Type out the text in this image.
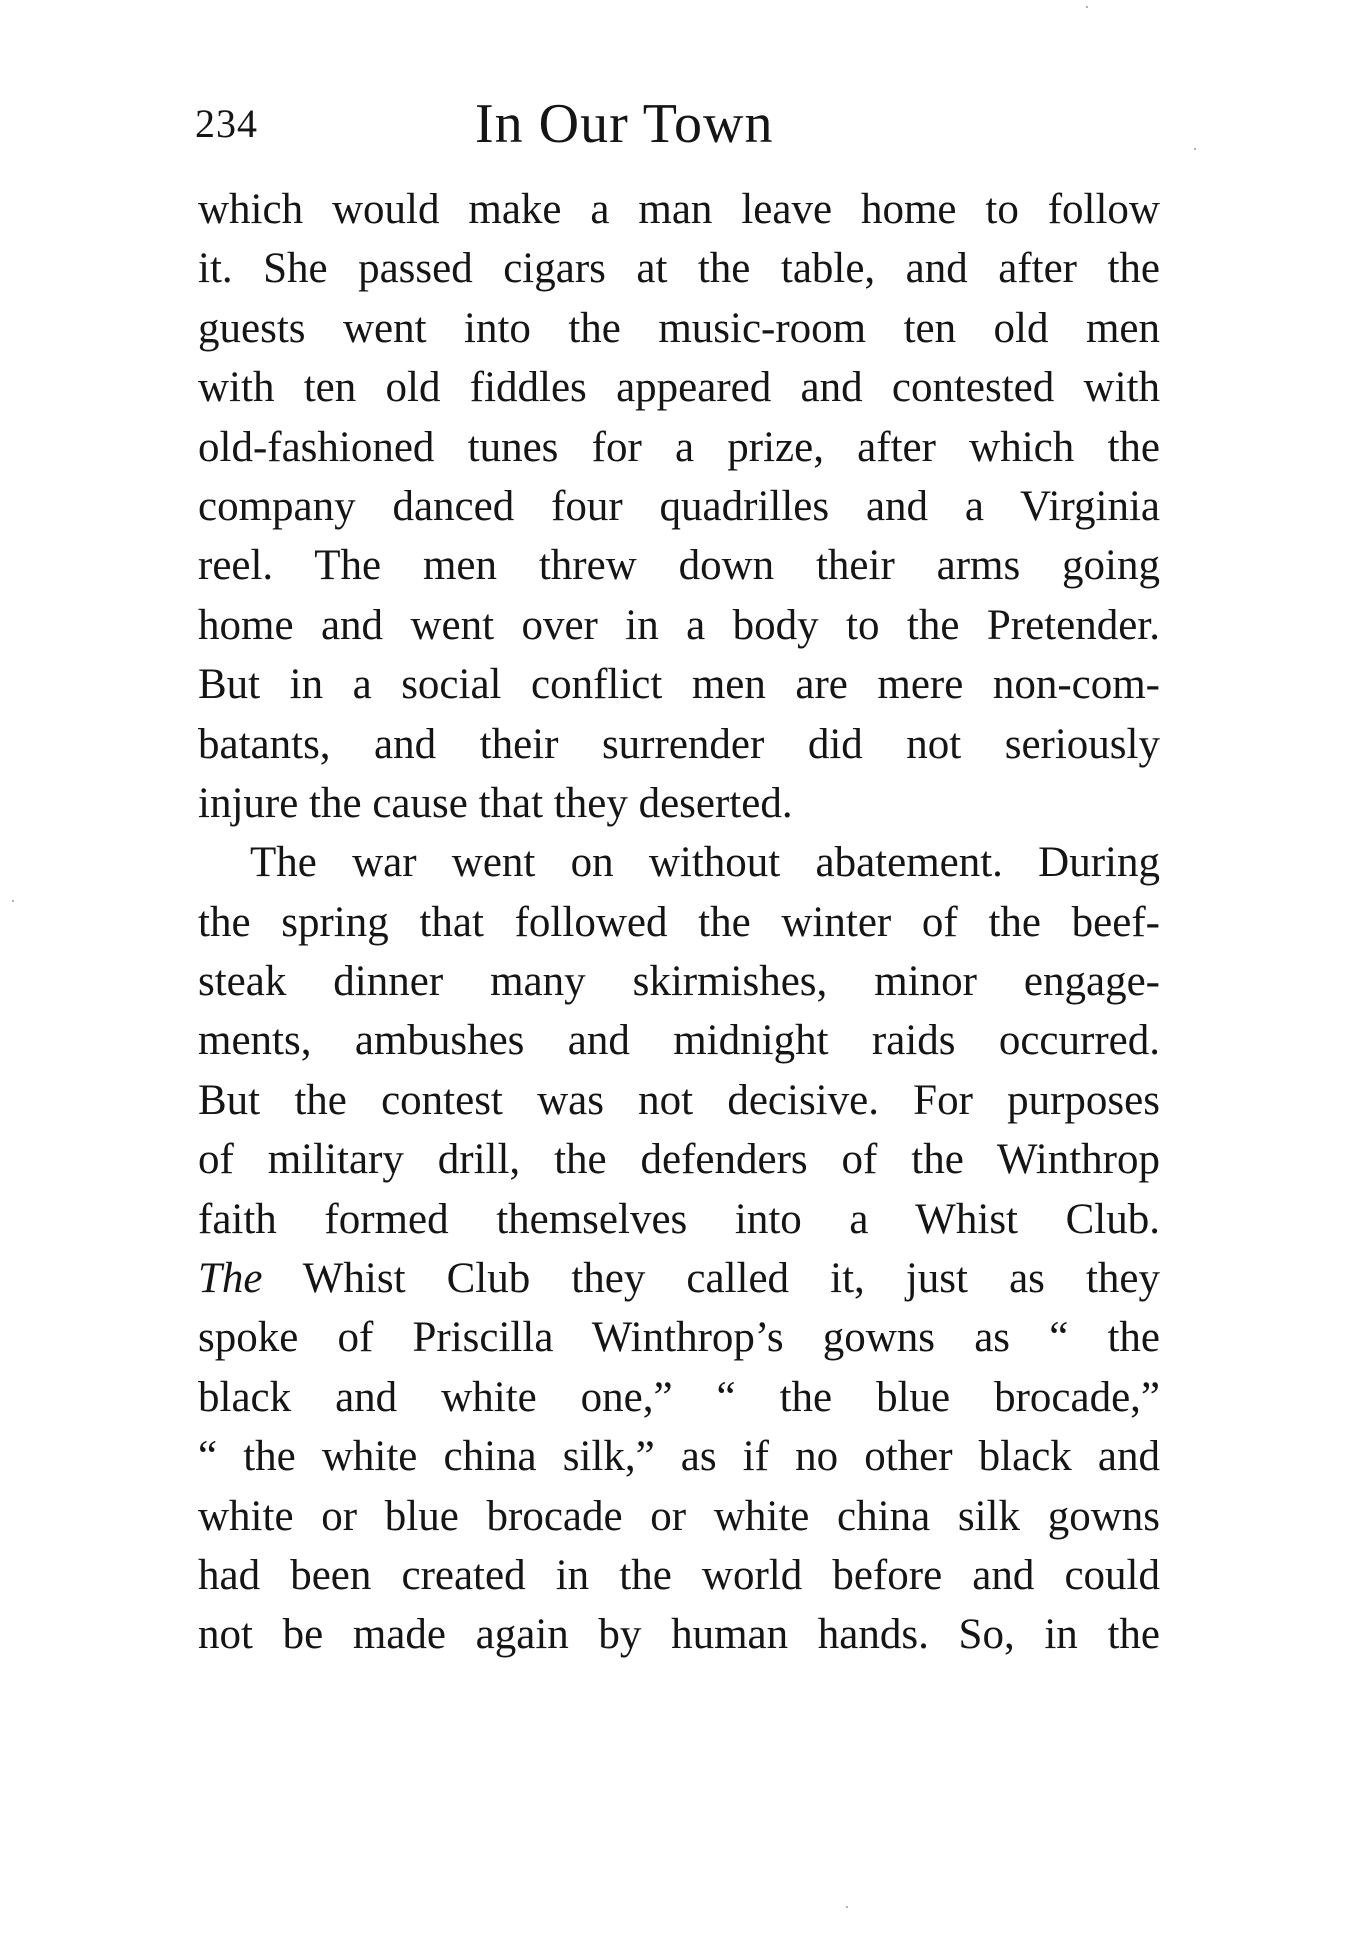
234	In Our Town
which would make a man leave home to follow
it. She passed cigars at the table, and after the
guests went into the music-room ten old men
with ten old fiddles appeared and contested with
old-fashioned tunes for a prize, after which the
company danced four quadrilles and a Virginia
reel. The men threw down their arms going
home and went over in a body to the Pretender.
But in a social conflict men are mere non-com-
batants, and their surrender did not seriously
injure the cause that they deserted.
The war went on without abatement. During
the spring that followed the winter of the beef-
steak dinner many skirmishes, minor engage-
ments, ambushes and midnight raids occurred.
But the contest was not decisive. For purposes
of military drill, the defenders of the Winthrop
faith formed themselves into a Whist Club.
The Whist Club they called it, just as they
spoke of Priscilla Winthrop’s gowns as “ the
black and white one,” “ the blue brocade,”
“ the white china silk,” as if no other black and
white or blue brocade or white china silk gowns
had been created in the world before and could
not be made again by human hands. So, in the
